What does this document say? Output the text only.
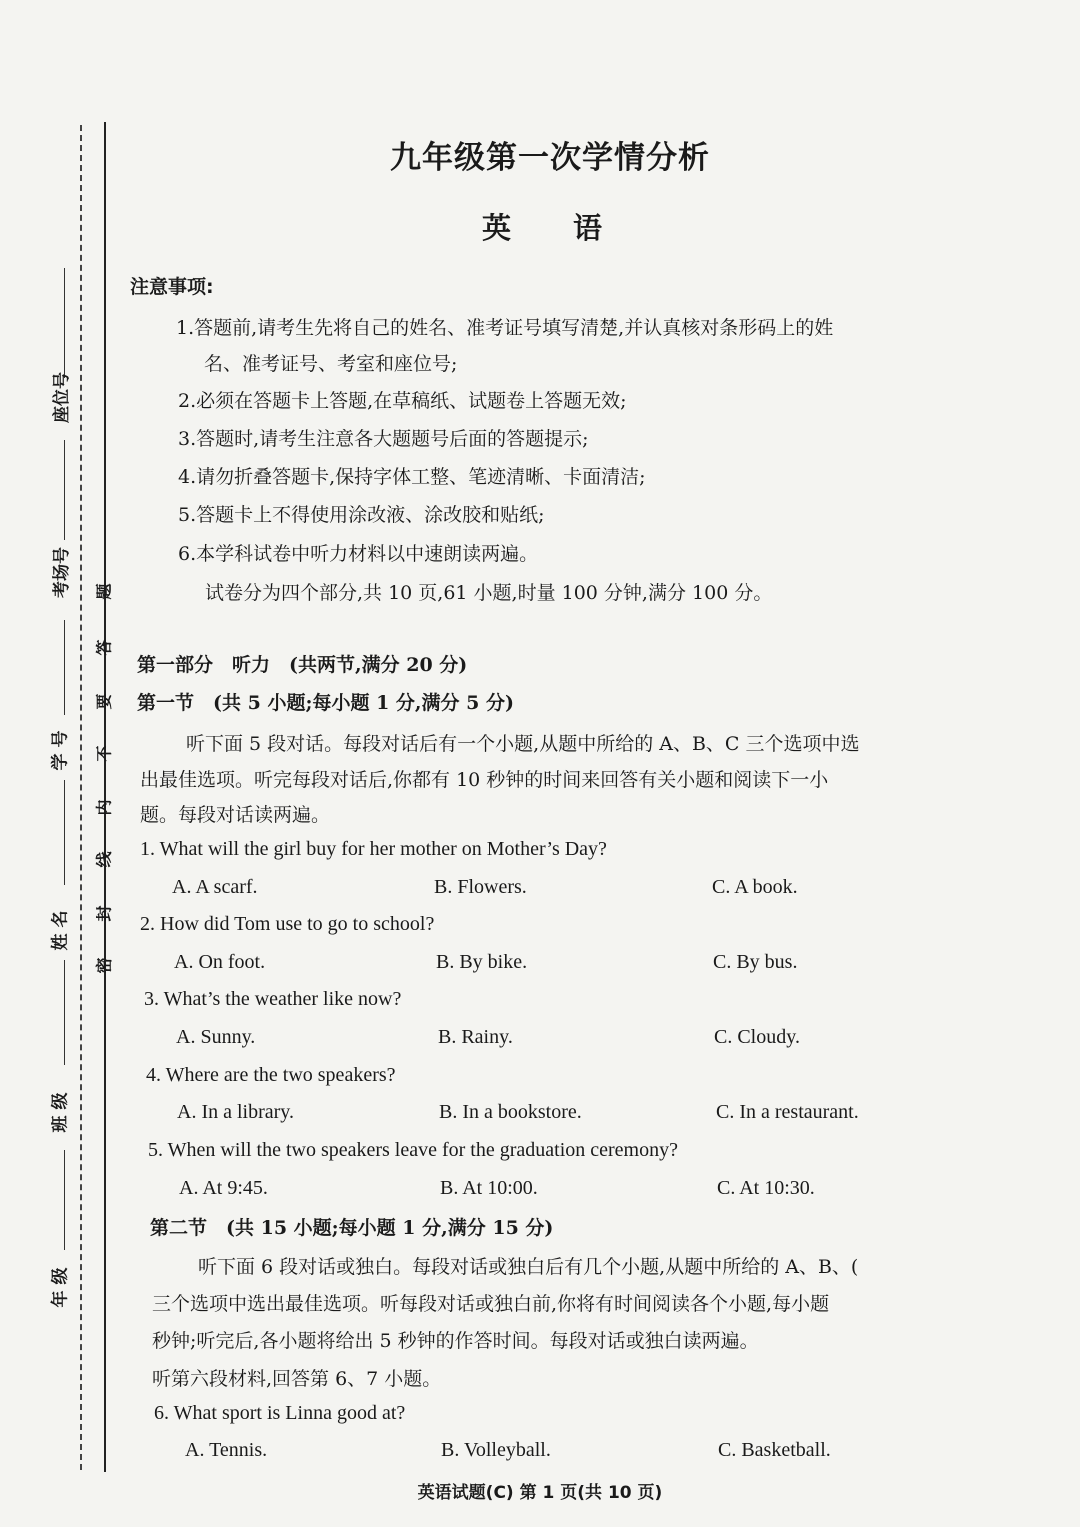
座位号
考场号
学 号
姓 名
班 级
年 级
题
答
要
不
内
线
封
密
九年级第一次学情分析
英 语
注意事项:
1.答题前,请考生先将自己的姓名、准考证号填写清楚,并认真核对条形码上的姓
名、准考证号、考室和座位号;
2.必须在答题卡上答题,在草稿纸、试题卷上答题无效;
3.答题时,请考生注意各大题题号后面的答题提示;
4.请勿折叠答题卡,保持字体工整、笔迹清晰、卡面清洁;
5.答题卡上不得使用涂改液、涂改胶和贴纸;
6.本学科试卷中听力材料以中速朗读两遍。
试卷分为四个部分,共 10 页,61 小题,时量 100 分钟,满分 100 分。
第一部分　听力　(共两节,满分 20 分)
第一节　(共 5 小题;每小题 1 分,满分 5 分)
听下面 5 段对话。每段对话后有一个小题,从题中所给的 A、B、C 三个选项中选
出最佳选项。听完每段对话后,你都有 10 秒钟的时间来回答有关小题和阅读下一小
题。每段对话读两遍。
1. What will the girl buy for her mother on Mother’s Day?
A. A scarf.	B. Flowers.	C. A book.
2. How did Tom use to go to school?
A. On foot.	B. By bike.	C. By bus.
3. What’s the weather like now?
A. Sunny.	B. Rainy.	C. Cloudy.
4. Where are the two speakers?
A. In a library.	B. In a bookstore.	C. In a restaurant.
5. When will the two speakers leave for the graduation ceremony?
A. At 9:45.	B. At 10:00.	C. At 10:30.
第二节　(共 15 小题;每小题 1 分,满分 15 分)
听下面 6 段对话或独白。每段对话或独白后有几个小题,从题中所给的 A、B、(
三个选项中选出最佳选项。听每段对话或独白前,你将有时间阅读各个小题,每小题
秒钟;听完后,各小题将给出 5 秒钟的作答时间。每段对话或独白读两遍。
听第六段材料,回答第 6、7 小题。
6. What sport is Linna good at?
A. Tennis.	B. Volleyball.	C. Basketball.
英语试题(C) 第 1 页(共 10 页)
